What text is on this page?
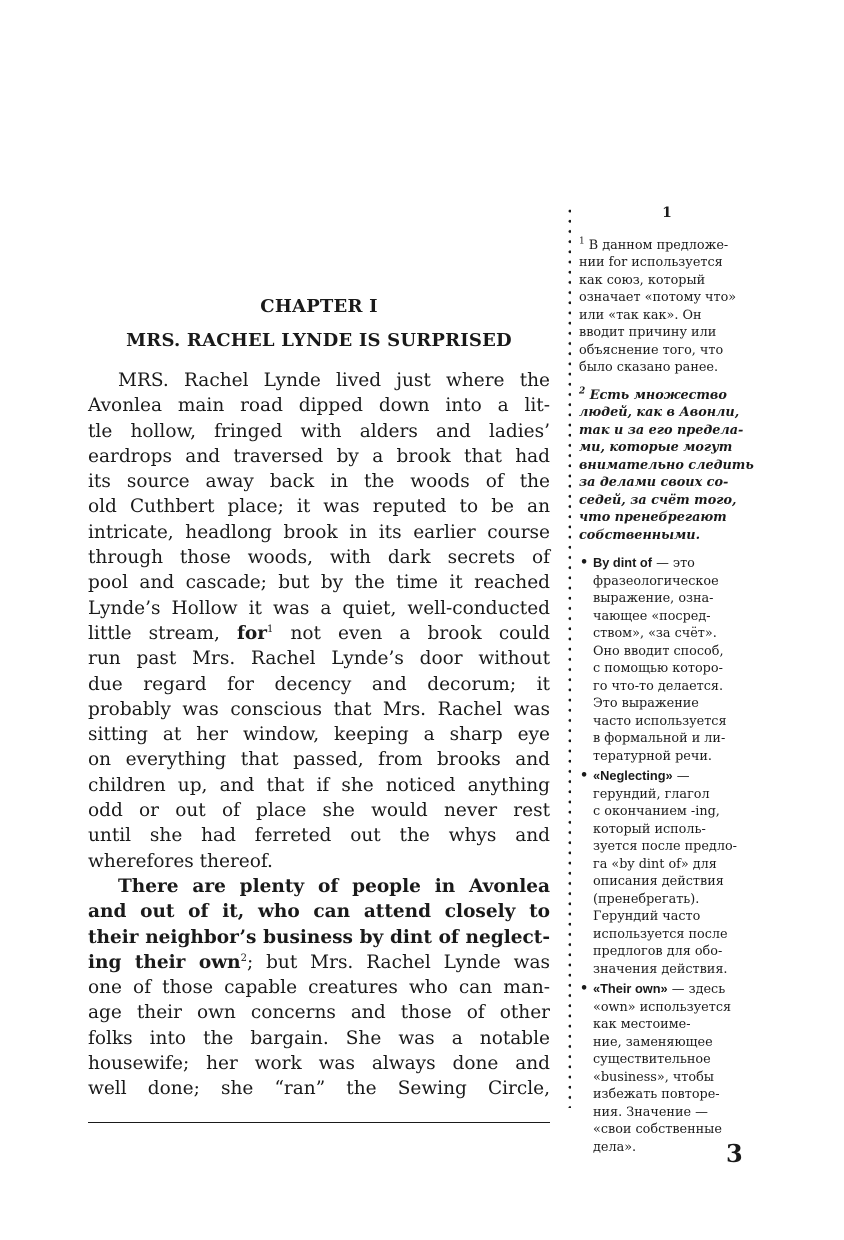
CHAPTER I
MRS. RACHEL LYNDE IS SURPRISED
MRS. Rachel Lynde lived just where the
Avonlea main road dipped down into a lit-
tle hollow, fringed with alders and ladies’
eardrops and traversed by a brook that had
its source away back in the woods of the
old Cuthbert place; it was reputed to be an
intricate, headlong brook in its earlier course
through those woods, with dark secrets of
pool and cascade; but by the time it reached
Lynde’s Hollow it was a quiet, well-conducted
little stream, for$^1$ not even a brook could
run past Mrs. Rachel Lynde’s door without
due regard for decency and decorum; it
probably was conscious that Mrs. Rachel was
sitting at her window, keeping a sharp eye
on everything that passed, from brooks and
children up, and that if she noticed anything
odd or out of place she would never rest
until she had ferreted out the whys and
wherefores thereof.
There are plenty of people in Avonlea
and out of it, who can attend closely to
their neighbor’s business by dint of neglect-
ing their own$^2$; but Mrs. Rachel Lynde was
one of those capable creatures who can man-
age their own concerns and those of other
folks into the bargain. She was a notable
housewife; her work was always done and
well done; she “ran” the Sewing Circle,
1
$^1$ В данном предложе-
нии for используется
как союз, который
означает «потому что»
или «так как». Он
вводит причину или
объяснение того, что
было сказано ранее.
$^2$ Есть множество
людей, как в Авонли,
так и за его предела-
ми, которые могут
внимательно следить
за делами своих со-
седей, за счёт того,
что пренебрегают
собственными.
• By dint of — это
фразеологическое
выражение, озна-
чающее «посред-
ством», «за счёт».
Оно вводит способ,
с помощью которо-
го что-то делается.
Это выражение
часто используется
в формальной и ли-
тературной речи.
• «Neglecting» —
герундий, глагол
с окончанием -ing,
который исполь-
зуется после предло-
га «by dint of» для
описания действия
(пренебрегать).
Герундий часто
используется после
предлогов для обо-
значения действия.
• «Their own» — здесь
«own» используется
как местоиме-
ние, заменяющее
существительное
«business», чтобы
избежать повторе-
ния. Значение —
«свои собственные
дела».	3
